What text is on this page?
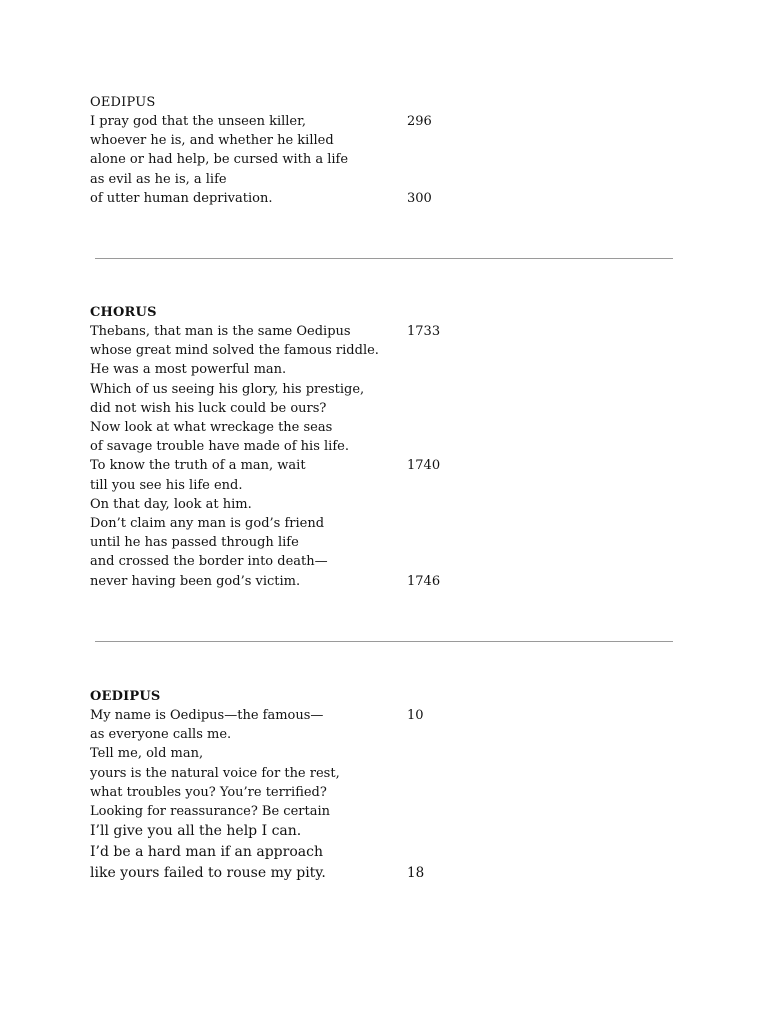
OEDIPUS
I pray god that the unseen killer,	296
whoever he is, and whether he killed
alone or had help, be cursed with a life
as evil as he is, a life
of utter human deprivation.	300
CHORUS
Thebans, that man is the same Oedipus	1733
whose great mind solved the famous riddle.
He was a most powerful man.
Which of us seeing his glory, his prestige,
did not wish his luck could be ours?
Now look at what wreckage the seas
of savage trouble have made of his life.
To know the truth of a man, wait	1740
till you see his life end.
On that day, look at him.
Don’t claim any man is god’s friend
until he has passed through life
and crossed the border into death—
never having been god’s victim.	1746
OEDIPUS
My name is Oedipus—the famous—	10
as everyone calls me.
Tell me, old man,
yours is the natural voice for the rest,
what troubles you? You’re terrified?
Looking for reassurance? Be certain
I’ll give you all the help I can.
I’d be a hard man if an approach
like yours failed to rouse my pity.	18
